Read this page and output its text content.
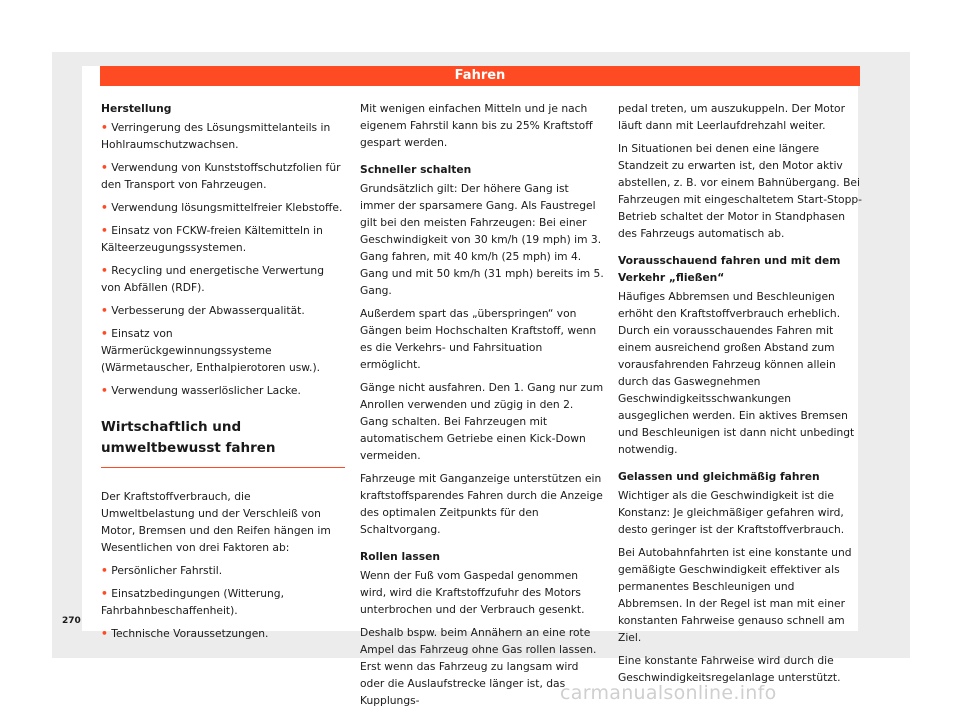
Fahren

Herstellung

• Verringerung des Lösungsmittelanteils in Hohlraumschutzwachsen.

• Verwendung von Kunststoffschutzfolien für den Transport von Fahrzeugen.

• Verwendung lösungsmittelfreier Klebstoffe.

• Einsatz von FCKW-freien Kältemitteln in Kälteerzeugungssystemen.

• Recycling und energetische Verwertung von Abfällen (RDF).

• Verbesserung der Abwasserqualität.

• Einsatz von Wärmerückgewinnungssysteme (Wärmetauscher, Enthalpierotoren usw.).

• Verwendung wasserlöslicher Lacke.

Wirtschaftlich und umweltbewusst fahren

Der Kraftstoffverbrauch, die Umweltbelastung und der Verschleiß von Motor, Bremsen und den Reifen hängen im Wesentlichen von drei Faktoren ab:

• Persönlicher Fahrstil.

• Einsatzbedingungen (Witterung, Fahrbahnbeschaffenheit).

• Technische Voraussetzungen.

Mit wenigen einfachen Mitteln und je nach eigenem Fahrstil kann bis zu 25% Kraftstoff gespart werden.

Schneller schalten

Grundsätzlich gilt: Der höhere Gang ist immer der sparsamere Gang. Als Faustregel gilt bei den meisten Fahrzeugen: Bei einer Geschwindigkeit von 30 km/h (19 mph) im 3. Gang fahren, mit 40 km/h (25 mph) im 4. Gang und mit 50 km/h (31 mph) bereits im 5. Gang.

Außerdem spart das „überspringen“ von Gängen beim Hochschalten Kraftstoff, wenn es die Verkehrs- und Fahrsituation ermöglicht.

Gänge nicht ausfahren. Den 1. Gang nur zum Anrollen verwenden und zügig in den 2. Gang schalten. Bei Fahrzeugen mit automatischem Getriebe einen Kick-Down vermeiden.

Fahrzeuge mit Ganganzeige unterstützen ein kraftstoffsparendes Fahren durch die Anzeige des optimalen Zeitpunkts für den Schaltvorgang.

Rollen lassen

Wenn der Fuß vom Gaspedal genommen wird, wird die Kraftstoffzufuhr des Motors unterbrochen und der Verbrauch gesenkt.

Deshalb bspw. beim Annähern an eine rote Ampel das Fahrzeug ohne Gas rollen lassen. Erst wenn das Fahrzeug zu langsam wird oder die Auslaufstrecke länger ist, das Kupplungs-

pedal treten, um auszukuppeln. Der Motor läuft dann mit Leerlaufdrehzahl weiter.

In Situationen bei denen eine längere Standzeit zu erwarten ist, den Motor aktiv abstellen, z. B. vor einem Bahnübergang. Bei Fahrzeugen mit eingeschaltetem Start-Stopp-Betrieb schaltet der Motor in Standphasen des Fahrzeugs automatisch ab.

Vorausschauend fahren und mit dem Verkehr „fließen“

Häufiges Abbremsen und Beschleunigen erhöht den Kraftstoffverbrauch erheblich. Durch ein vorausschauendes Fahren mit einem ausreichend großen Abstand zum vorausfahrenden Fahrzeug können allein durch das Gaswegnehmen Geschwindigkeitsschwankungen ausgeglichen werden. Ein aktives Bremsen und Beschleunigen ist dann nicht unbedingt notwendig.

Gelassen und gleichmäßig fahren

Wichtiger als die Geschwindigkeit ist die Konstanz: Je gleichmäßiger gefahren wird, desto geringer ist der Kraftstoffverbrauch.

Bei Autobahnfahrten ist eine konstante und gemäßigte Geschwindigkeit effektiver als permanentes Beschleunigen und Abbremsen. In der Regel ist man mit einer konstanten Fahrweise genauso schnell am Ziel.

Eine konstante Fahrweise wird durch die Geschwindigkeitsregelanlage unterstützt.

270
carmanualsonline.info
